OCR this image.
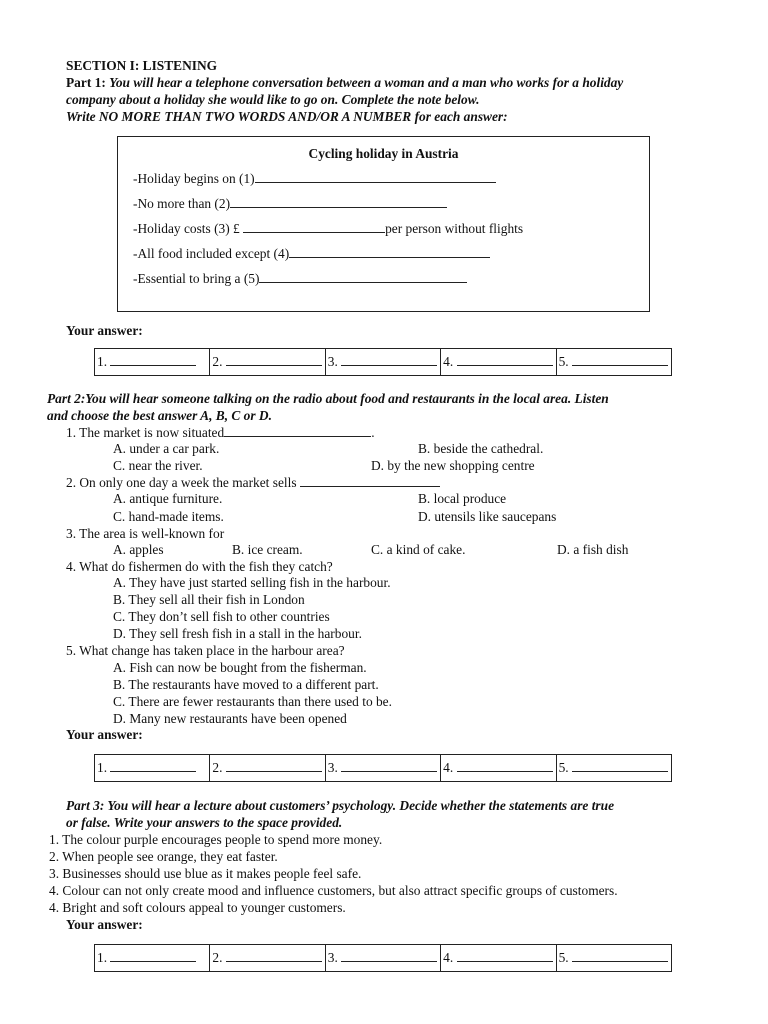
SECTION I: LISTENING
Part 1: You will hear a telephone conversation between a woman and a man who works for a holiday
company about a holiday she would like to go on. Complete the note below.
Write NO MORE THAN TWO WORDS AND/OR A NUMBER for each answer:
Cycling holiday in Austria
-Holiday begins on (1)
-No more than (2)
-Holiday costs (3) £	per person without flights
-All food included except (4)
-Essential to bring a (5)
Your answer:
1.	2.	3.	4.	5.
Part 2:You will hear someone talking on the radio about food and restaurants in the local area. Listen
and choose the best answer A, B, C or D.
1. The market is now situated	.
A. under a car park.	B. beside the cathedral.
C. near the river.	D. by the new shopping centre
2. On only one day a week the market sells
A. antique furniture.	B. local produce
C. hand-made items.	D. utensils like saucepans
3. The area is well-known for
A. apples	B. ice cream.	C. a kind of cake.	D. a fish dish
4. What do fishermen do with the fish they catch?
A. They have just started selling fish in the harbour.
B. They sell all their fish in London
C. They don’t sell fish to other countries
D. They sell fresh fish in a stall in the harbour.
5. What change has taken place in the harbour area?
A. Fish can now be bought from the fisherman.
B. The restaurants have moved to a different part.
C. There are fewer restaurants than there used to be.
D. Many new restaurants have been opened
Your answer:
1.	2.	3.	4.	5.
Part 3: You will hear a lecture about customers’ psychology. Decide whether the statements are true
or false. Write your answers to the space provided.
1. The colour purple encourages people to spend more money.
2. When people see orange, they eat faster.
3. Businesses should use blue as it makes people feel safe.
4. Colour can not only create mood and influence customers, but also attract specific groups of customers.
4. Bright and soft colours appeal to younger customers.
Your answer:
1.	2.	3.	4.	5.
